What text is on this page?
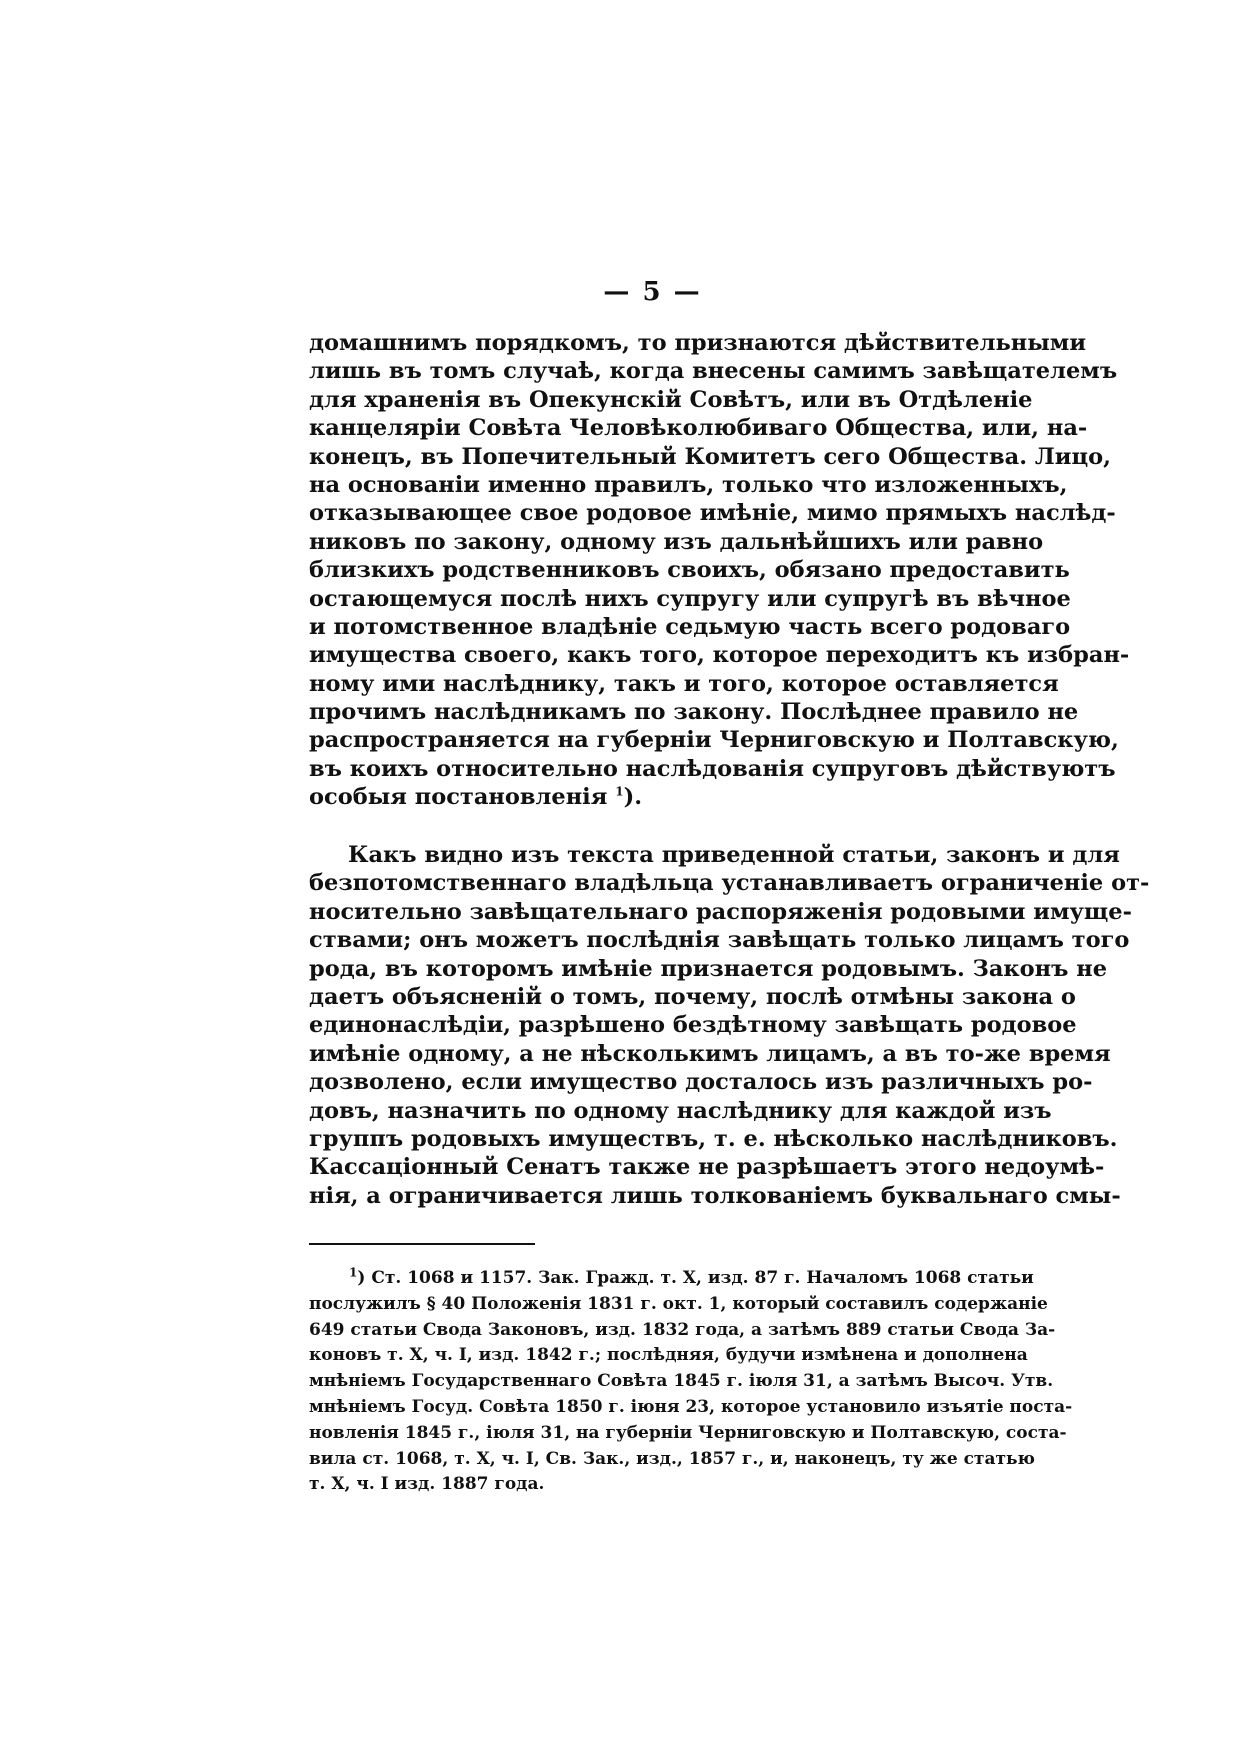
— 5 —
домашнимъ порядкомъ, то признаются дѣйствительными
лишь въ томъ случаѣ, когда внесены самимъ завѣщателемъ
для храненія въ Опекунскій Совѣтъ, или въ Отдѣленіе
канцеляріи Совѣта Человѣколюбиваго Общества, или, на-
конецъ, въ Попечительный Комитетъ сего Общества. Лицо,
на основаніи именно правилъ, только что изложенныхъ,
отказывающее свое родовое имѣніе, мимо прямыхъ наслѣд-
никовъ по закону, одному изъ дальнѣйшихъ или равно
близкихъ родственниковъ своихъ, обязано предоставить
остающемуся послѣ нихъ супругу или супругѣ въ вѣчное
и потомственное владѣніе седьмую часть всего родоваго
имущества своего, какъ того, которое переходитъ къ избран-
ному ими наслѣднику, такъ и того, которое оставляется
прочимъ наслѣдникамъ по закону. Послѣднее правило не
распространяется на губерніи Черниговскую и Полтавскую,
въ коихъ относительно наслѣдованія супруговъ дѣйствуютъ
особыя постановленія $^1$).
Какъ видно изъ текста приведенной статьи, законъ и для
безпотомственнаго владѣльца устанавливаетъ ограниченіе от-
носительно завѣщательнаго распоряженія родовыми имуще-
ствами; онъ можетъ послѣднія завѣщать только лицамъ того
рода, въ которомъ имѣніе признается родовымъ. Законъ не
даетъ объясненій о томъ, почему, послѣ отмѣны закона о
единонаслѣдіи, разрѣшено бездѣтному завѣщать родовое
имѣніе одному, а не нѣсколькимъ лицамъ, а въ то-же время
дозволено, если имущество досталось изъ различныхъ ро-
довъ, назначить по одному наслѣднику для каждой изъ
группъ родовыхъ имуществъ, т. е. нѣсколько наслѣдниковъ.
Кассаціонный Сенатъ также не разрѣшаетъ этого недоумѣ-
нія, а ограничивается лишь толкованіемъ буквальнаго смы-
$^1$) Ст. 1068 и 1157. Зак. Гражд. т. X, изд. 87 г. Началомъ 1068 статьи
послужилъ § 40 Положенія 1831 г. окт. 1, который составилъ содержаніе
649 статьи Свода Законовъ, изд. 1832 года, а затѣмъ 889 статьи Свода За-
коновъ т. X, ч. I, изд. 1842 г.; послѣдняя, будучи измѣнена и дополнена
мнѣніемъ Государственнаго Совѣта 1845 г. іюля 31, а затѣмъ Высоч. Утв.
мнѣніемъ Госуд. Совѣта 1850 г. іюня 23, которое установило изъятіе поста-
новленія 1845 г., іюля 31, на губерніи Черниговскую и Полтавскую, соста-
вила ст. 1068, т. X, ч. I, Св. Зак., изд., 1857 г., и, наконецъ, ту же статью
т. X, ч. I изд. 1887 года.
